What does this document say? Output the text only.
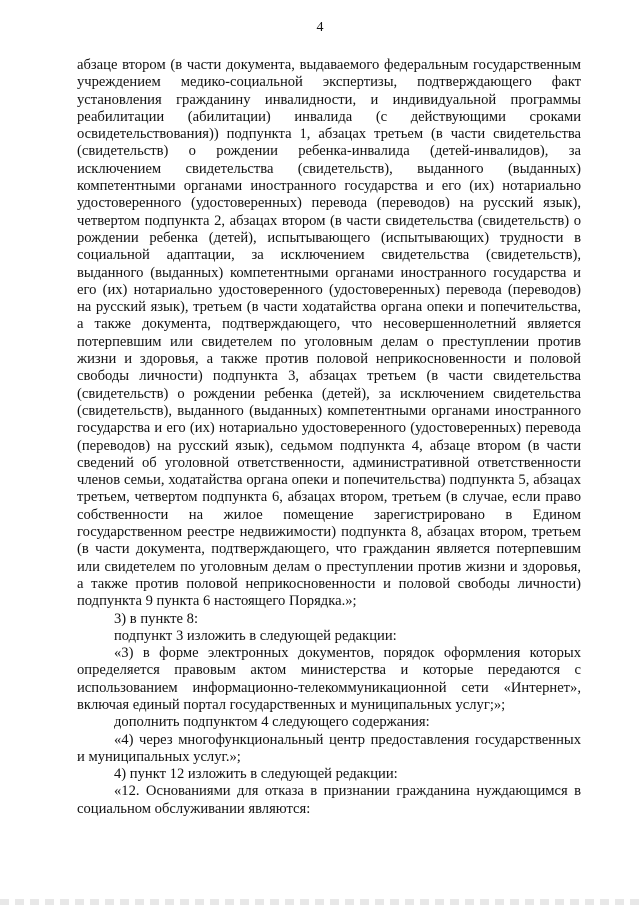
4

абзаце втором (в части документа, выдаваемого федеральным государственным учреждением медико-социальной экспертизы, подтверждающего факт установления гражданину инвалидности, и индивидуальной программы реабилитации (абилитации) инвалида (с действующими сроками освидетельствования)) подпункта 1, абзацах третьем (в части свидетельства (свидетельств) о рождении ребенка-инвалида (детей-инвалидов), за исключением свидетельства (свидетельств), выданного (выданных) компетентными органами иностранного государства и его (их) нотариально удостоверенного (удостоверенных) перевода (переводов) на русский язык), четвертом подпункта 2, абзацах втором (в части свидетельства (свидетельств) о рождении ребенка (детей), испытывающего (испытывающих) трудности в социальной адаптации, за исключением свидетельства (свидетельств), выданного (выданных) компетентными органами иностранного государства и его (их) нотариально удостоверенного (удостоверенных) перевода (переводов) на русский язык), третьем (в части ходатайства органа опеки и попечительства, а также документа, подтверждающего, что несовершеннолетний является потерпевшим или свидетелем по уголовным делам о преступлении против жизни и здоровья, а также против половой неприкосновенности и половой свободы личности) подпункта 3, абзацах третьем (в части свидетельства (свидетельств) о рождении ребенка (детей), за исключением свидетельства (свидетельств), выданного (выданных) компетентными органами иностранного государства и его (их) нотариально удостоверенного (удостоверенных) перевода (переводов) на русский язык), седьмом подпункта 4, абзаце втором (в части сведений об уголовной ответственности, административной ответственности членов семьи, ходатайства органа опеки и попечительства) подпункта 5, абзацах третьем, четвертом подпункта 6, абзацах втором, третьем (в случае, если право собственности на жилое помещение зарегистрировано в Едином государственном реестре недвижимости) подпункта 8, абзацах втором, третьем (в части документа, подтверждающего, что гражданин является потерпевшим или свидетелем по уголовным делам о преступлении против жизни и здоровья, а также против половой неприкосновенности и половой свободы личности) подпункта 9 пункта 6 настоящего Порядка.»;

3) в пункте 8:

подпункт 3 изложить в следующей редакции:

«3) в форме электронных документов, порядок оформления которых определяется правовым актом министерства и которые передаются с использованием информационно-телекоммуникационной сети «Интернет», включая единый портал государственных и муниципальных услуг;»;

дополнить подпунктом 4 следующего содержания:

«4) через многофункциональный центр предоставления государственных и муниципальных услуг.»;

4) пункт 12 изложить в следующей редакции:

«12. Основаниями для отказа в признании гражданина нуждающимся в социальном обслуживании являются:
